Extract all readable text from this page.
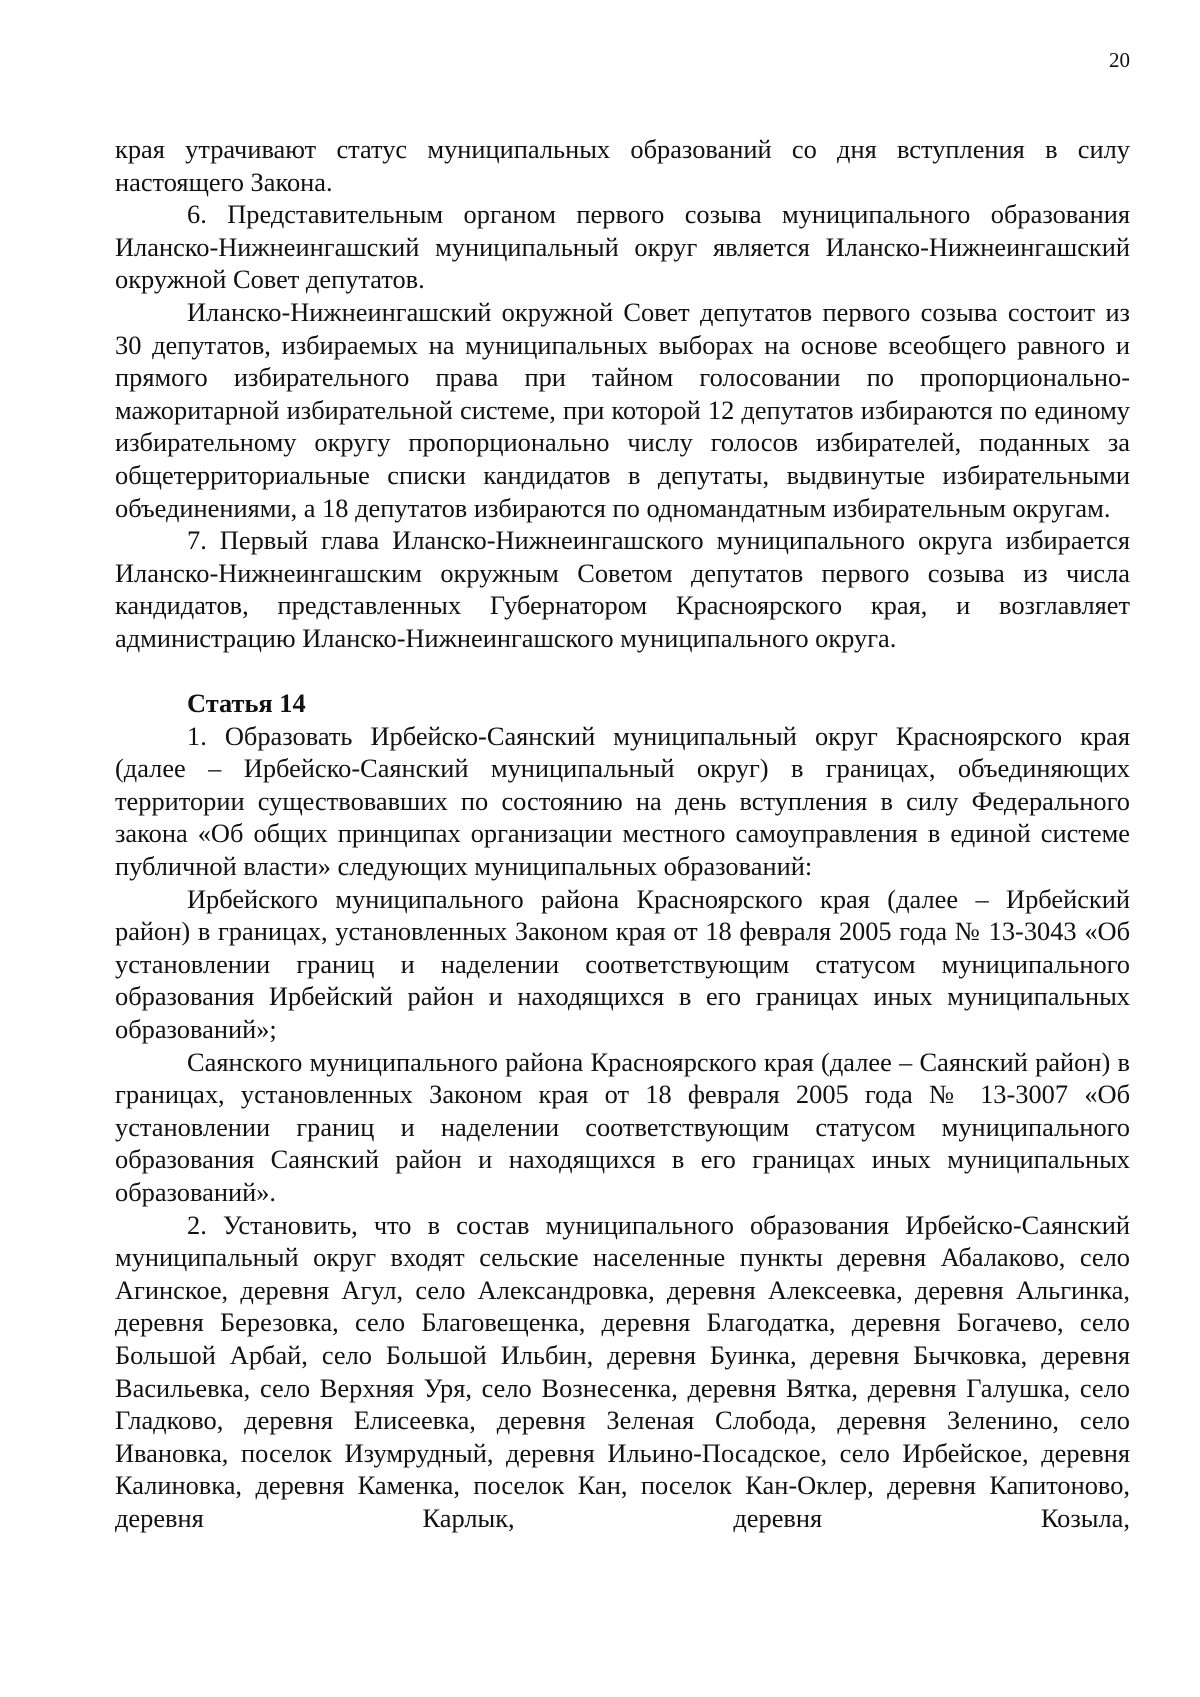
20

края утрачивают статус муниципальных образований со дня вступления в силу настоящего Закона.

6. Представительным органом первого созыва муниципального образования Иланско-Нижнеингашский муниципальный округ является Иланско-Нижнеингашский окружной Совет депутатов.

Иланско-Нижнеингашский окружной Совет депутатов первого созыва состоит из 30 депутатов, избираемых на муниципальных выборах на основе всеобщего равного и прямого избирательного права при тайном голосовании по пропорционально-мажоритарной избирательной системе, при которой 12 депутатов избираются по единому избирательному округу пропорционально числу голосов избирателей, поданных за общетерриториальные списки кандидатов в депутаты, выдвинутые избирательными объединениями, а 18 депутатов избираются по одномандатным избирательным округам.

7. Первый глава Иланско-Нижнеингашского муниципального округа избирается Иланско-Нижнеингашским окружным Советом депутатов первого созыва из числа кандидатов, представленных Губернатором Красноярского края, и возглавляет администрацию Иланско-Нижнеингашского муниципального округа.

Статья 14

1. Образовать Ирбейско-Саянский муниципальный округ Красноярского края (далее – Ирбейско-Саянский муниципальный округ) в границах, объединяющих территории существовавших по состоянию на день вступления в силу Федерального закона «Об общих принципах организации местного самоуправления в единой системе публичной власти» следующих муниципальных образований:

Ирбейского муниципального района Красноярского края (далее – Ирбейский район) в границах, установленных Законом края от 18 февраля 2005 года № 13-3043 «Об установлении границ и наделении соответствующим статусом муниципального образования Ирбейский район и находящихся в его границах иных муниципальных образований»;

Саянского муниципального района Красноярского края (далее – Саянский район) в границах, установленных Законом края от 18 февраля 2005 года № 13-3007 «Об установлении границ и наделении соответствующим статусом муниципального образования Саянский район и находящихся в его границах иных муниципальных образований».

2. Установить, что в состав муниципального образования Ирбейско-Саянский муниципальный округ входят сельские населенные пункты деревня Абалаково, село Агинское, деревня Агул, село Александровка, деревня Алексеевка, деревня Альгинка, деревня Березовка, село Благовещенка, деревня Благодатка, деревня Богачево, село Большой Арбай, село Большой Ильбин, деревня Буинка, деревня Бычковка, деревня Васильевка, село Верхняя Уря, село Вознесенка, деревня Вятка, деревня Галушка, село Гладково, деревня Елисеевка, деревня Зеленая Слобода, деревня Зеленино, село Ивановка, поселок Изумрудный, деревня Ильино-Посадское, село Ирбейское, деревня Калиновка, деревня Каменка, поселок Кан, поселок Кан-Оклер, деревня Капитоново, деревня Карлык, деревня Козыла,
